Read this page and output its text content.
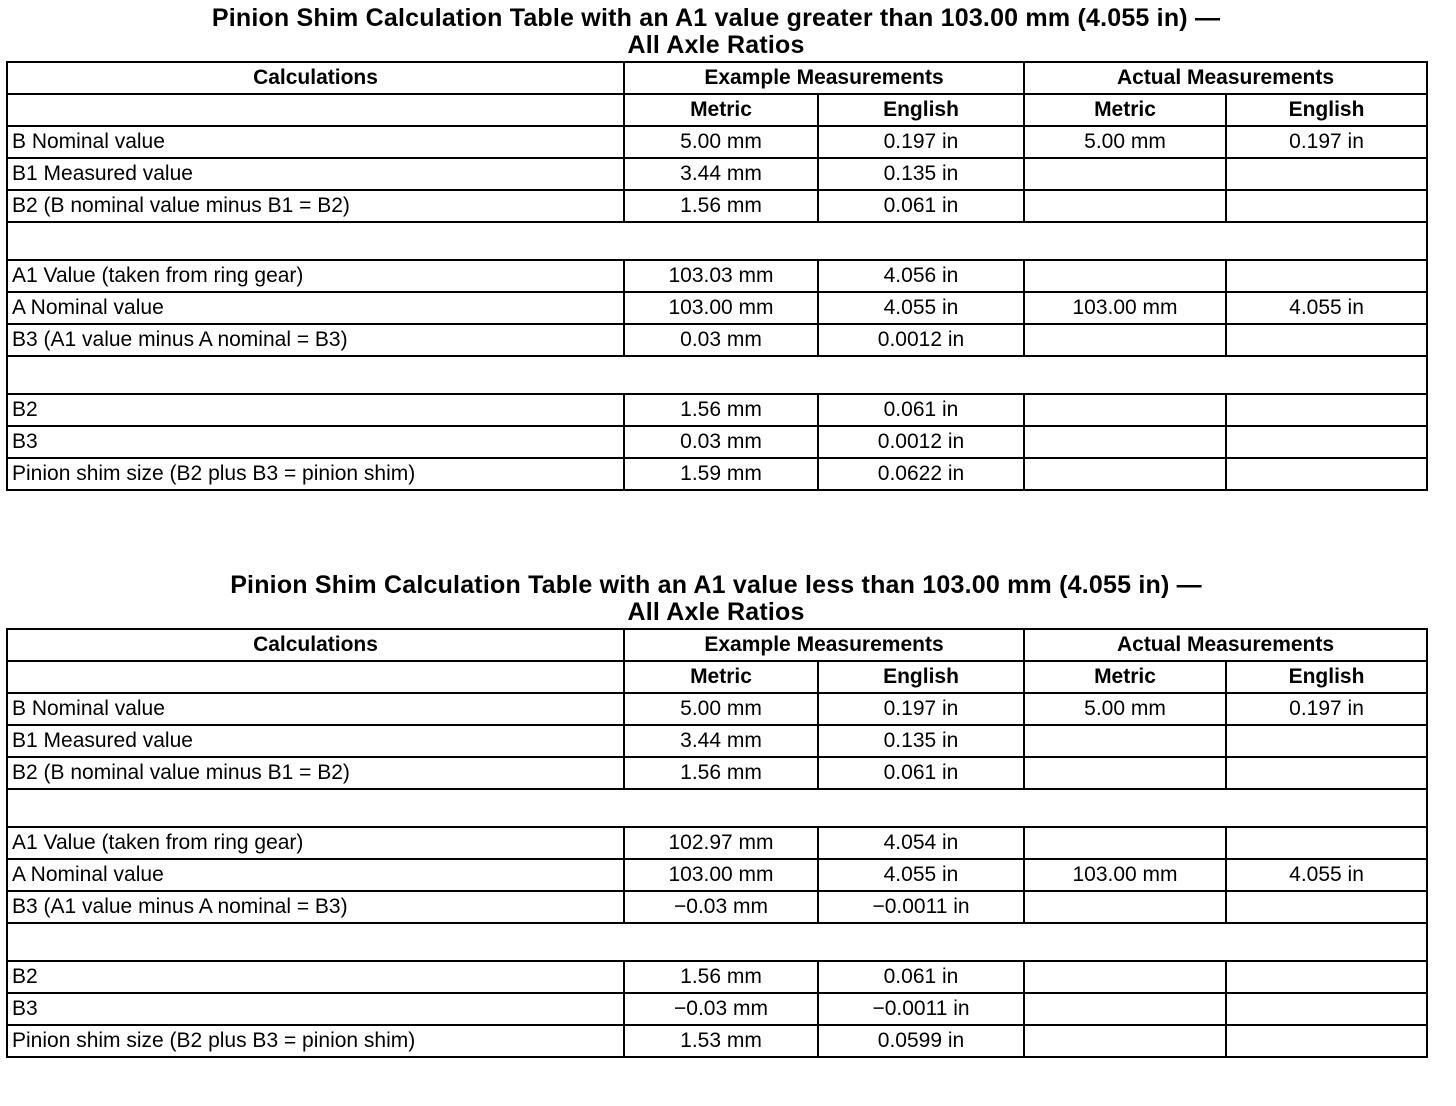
Pinion Shim Calculation Table with an A1 value greater than 103.00 mm (4.055 in) —
All Axle Ratios
Calculations	Example Measurements		Actual Measurements	
	Metric	English	Metric	English
B Nominal value	5.00 mm	0.197 in	5.00 mm	0.197 in
B1 Measured value	3.44 mm	0.135 in		
B2 (B nominal value minus B1 = B2)	1.56 mm	0.061 in		

A1 Value (taken from ring gear)	103.03 mm	4.056 in		
A Nominal value	103.00 mm	4.055 in	103.00 mm	4.055 in
B3 (A1 value minus A nominal = B3)	0.03 mm	0.0012 in		

B2	1.56 mm	0.061 in		
B3	0.03 mm	0.0012 in		
Pinion shim size (B2 plus B3 = pinion shim)	1.59 mm	0.0622 in		
Pinion Shim Calculation Table with an A1 value less than 103.00 mm (4.055 in) —
All Axle Ratios
Calculations	Example Measurements		Actual Measurements	
	Metric	English	Metric	English
B Nominal value	5.00 mm	0.197 in	5.00 mm	0.197 in
B1 Measured value	3.44 mm	0.135 in		
B2 (B nominal value minus B1 = B2)	1.56 mm	0.061 in		

A1 Value (taken from ring gear)	102.97 mm	4.054 in		
A Nominal value	103.00 mm	4.055 in	103.00 mm	4.055 in
B3 (A1 value minus A nominal = B3)	−0.03 mm	−0.0011 in		

B2	1.56 mm	0.061 in		
B3	−0.03 mm	−0.0011 in		
Pinion shim size (B2 plus B3 = pinion shim)	1.53 mm	0.0599 in		
